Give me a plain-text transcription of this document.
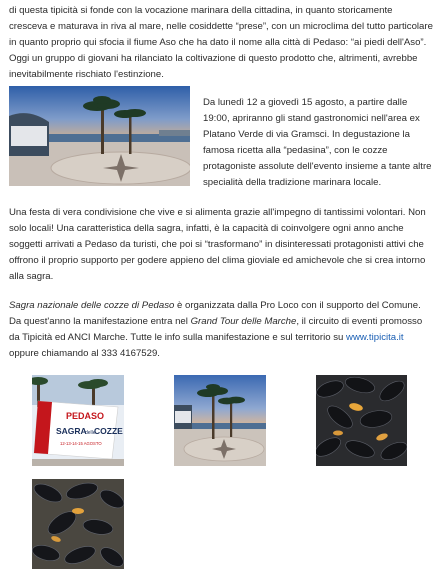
di questa tipicità si fonde con la vocazione marinara della cittadina, in quanto storicamente cresceva e maturava in riva al mare, nelle cosiddette “prese”, con un microclima del tutto particolare in quanto proprio qui sfocia il fiume Aso che ha dato il nome alla città di Pedaso: “ai piedi dell'Aso”. Oggi un gruppo di giovani ha rilanciato la coltivazione di questo prodotto che, altrimenti, avrebbe inevitabilmente rischiato l'estinzione.

Da lunedì 12 a giovedì 15 agosto, a partire dalle 19:00, apriranno gli stand gastronomici nell'area ex Platano Verde di via Gramsci. In degustazione la famosa ricetta alla “pedasina”, con le cozze protagoniste assolute dell'evento insieme a tante altre specialità della tradizione marinara locale.

Una festa di vera condivisione che vive e si alimenta grazie all'impegno di tantissimi volontari. Non solo locali! Una caratteristica della sagra, infatti, è la capacità di coinvolgere ogni anno anche soggetti arrivati a Pedaso da turisti, che poi si “trasformano” in disinteressati protagonisti attivi che offrono il proprio supporto per godere appieno del clima gioviale ed amichevole che si crea intorno alla sagra.

Sagra nazionale delle cozze di Pedaso è organizzata dalla Pro Loco con il supporto del Comune. Da quest'anno la manifestazione entra nel Grand Tour delle Marche, il circuito di eventi promosso da Tipicità ed ANCI Marche. Tutte le info sulla manifestazione e sul territorio su www.tipicita.it oppure chiamando al 333 4167529.

PEDASO
SAGRA
delle
COZZE
12-13-14-15 AGOSTO
